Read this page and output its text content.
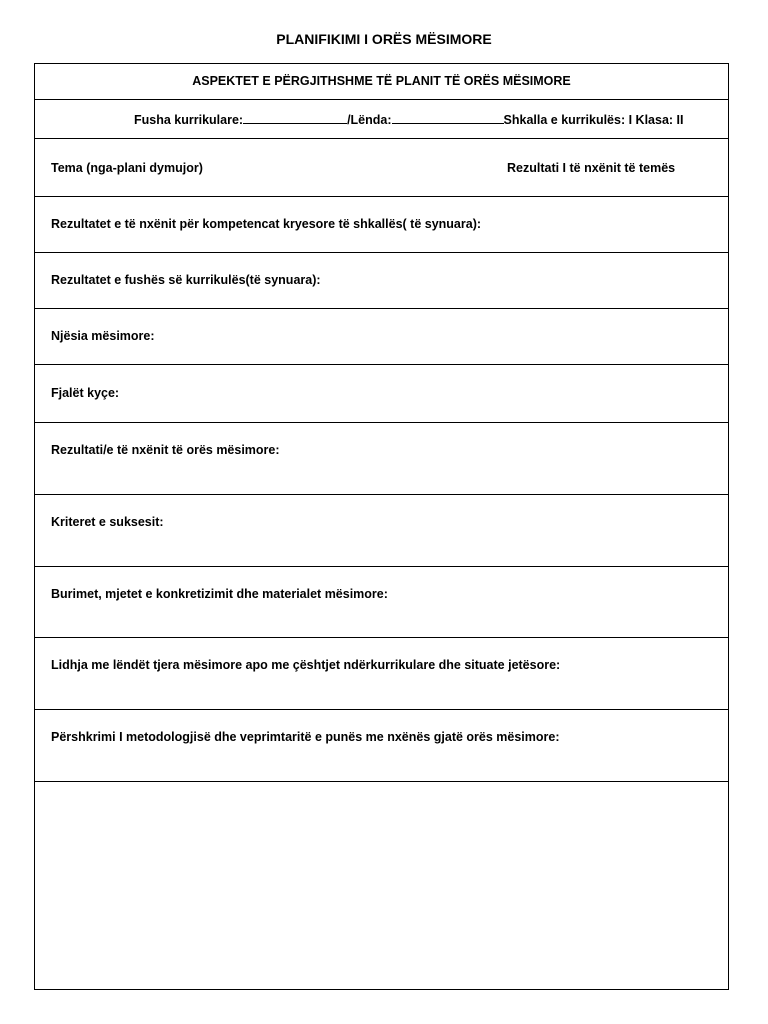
PLANIFIKIMI I ORËS MËSIMORE
ASPEKTET E PËRGJITHSHME TË PLANIT TË ORËS MËSIMORE
Fusha kurrikulare:	/Lënda:	Shkalla e kurrikulës: I Klasa: II
Tema (nga-plani dymujor)	Rezultati I të nxënit të temës
Rezultatet e të nxënit për kompetencat kryesore të shkallës( të synuara):
Rezultatet e fushës së kurrikulës(të synuara):
Njësia mësimore:
Fjalët kyçe:
Rezultati/e të nxënit të orës mësimore:
Kriteret e suksesit:
Burimet, mjetet e konkretizimit dhe materialet mësimore:
Lidhja me lëndët tjera mësimore apo me çështjet ndërkurrikulare dhe situate jetësore:
Përshkrimi I metodologjisë dhe veprimtaritë e punës me nxënës gjatë orës mësimore:
